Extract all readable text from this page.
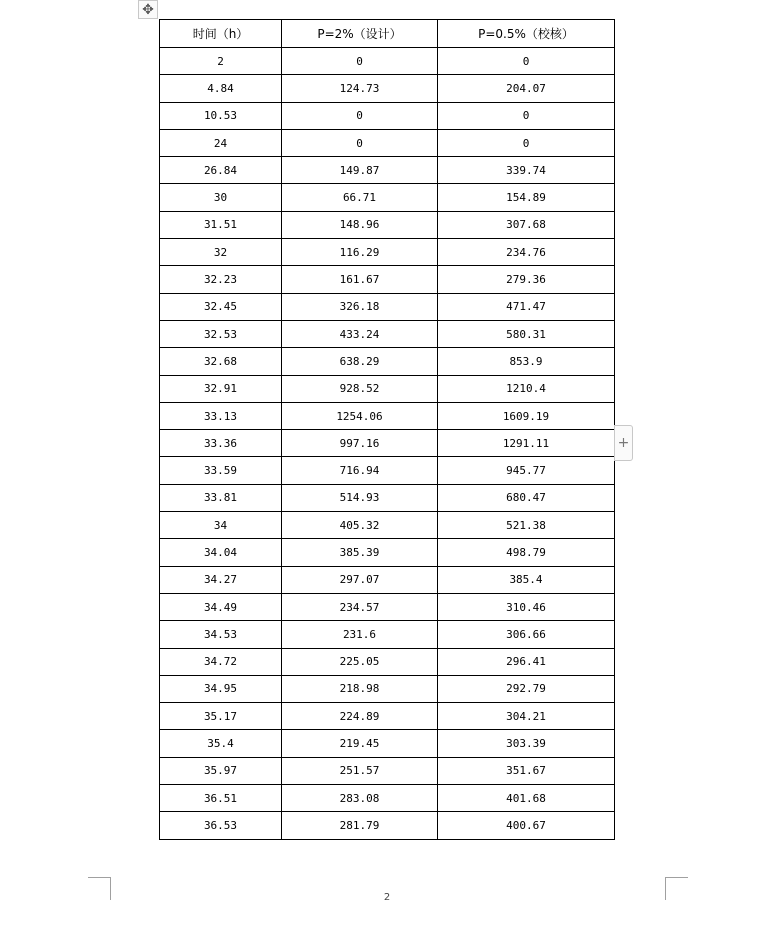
✥
时间（h）	P=2%（设计）	P=0.5%（校核）
2	0	0
4.84	124.73	204.07
10.53	0	0
24	0	0
26.84	149.87	339.74
30	66.71	154.89
31.51	148.96	307.68
32	116.29	234.76
32.23	161.67	279.36
32.45	326.18	471.47
32.53	433.24	580.31
32.68	638.29	853.9
32.91	928.52	1210.4
33.13	1254.06	1609.19
33.36	997.16	1291.11
33.59	716.94	945.77
33.81	514.93	680.47
34	405.32	521.38
34.04	385.39	498.79
34.27	297.07	385.4
34.49	234.57	310.46
34.53	231.6	306.66
34.72	225.05	296.41
34.95	218.98	292.79
35.17	224.89	304.21
35.4	219.45	303.39
35.97	251.57	351.67
36.51	283.08	401.68
36.53	281.79	400.67
+
2
